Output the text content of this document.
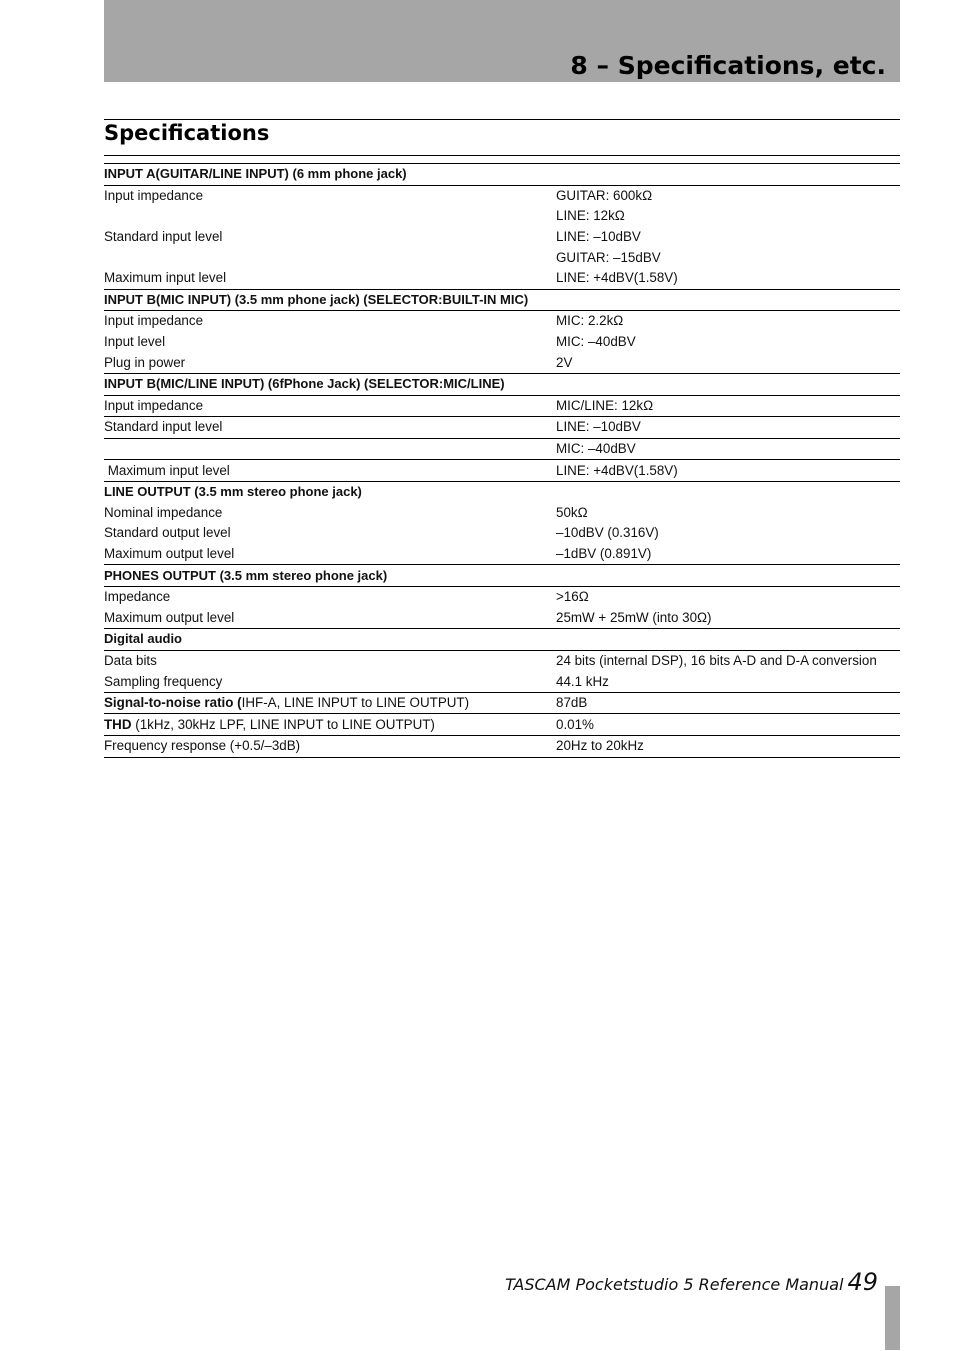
8 – Specifications, etc.
Specifications
INPUT A(GUITAR/LINE INPUT) (6 mm phone jack)	
Input impedance	GUITAR: 600kΩ
	LINE: 12kΩ
Standard input level	LINE: –10dBV
	GUITAR: –15dBV
Maximum input level	LINE: +4dBV(1.58V)
INPUT B(MIC INPUT) (3.5 mm phone jack) (SELECTOR:BUILT-IN MIC)	
Input impedance	MIC: 2.2kΩ
Input level	MIC: –40dBV
Plug in power	2V
INPUT B(MIC/LINE INPUT) (6fPhone Jack) (SELECTOR:MIC/LINE)	
Input impedance	MIC/LINE: 12kΩ
Standard input level	LINE: –10dBV
	MIC: –40dBV
Maximum input level	LINE: +4dBV(1.58V)
LINE OUTPUT (3.5 mm stereo phone jack)	
Nominal impedance	50kΩ
Standard output level	–10dBV (0.316V)
Maximum output level	–1dBV (0.891V)
PHONES OUTPUT (3.5 mm stereo phone jack)	
Impedance	>16Ω
Maximum output level	25mW + 25mW (into 30Ω)
Digital audio	
Data bits	24 bits (internal DSP), 16 bits A-D and D-A conversion
Sampling frequency	44.1 kHz
Signal-to-noise ratio (IHF-A, LINE INPUT to LINE OUTPUT)	87dB
THD (1kHz, 30kHz LPF, LINE INPUT to LINE OUTPUT)	0.01%
Frequency response (+0.5/–3dB)	20Hz to 20kHz
TASCAM Pocketstudio 5 Reference Manual 49
